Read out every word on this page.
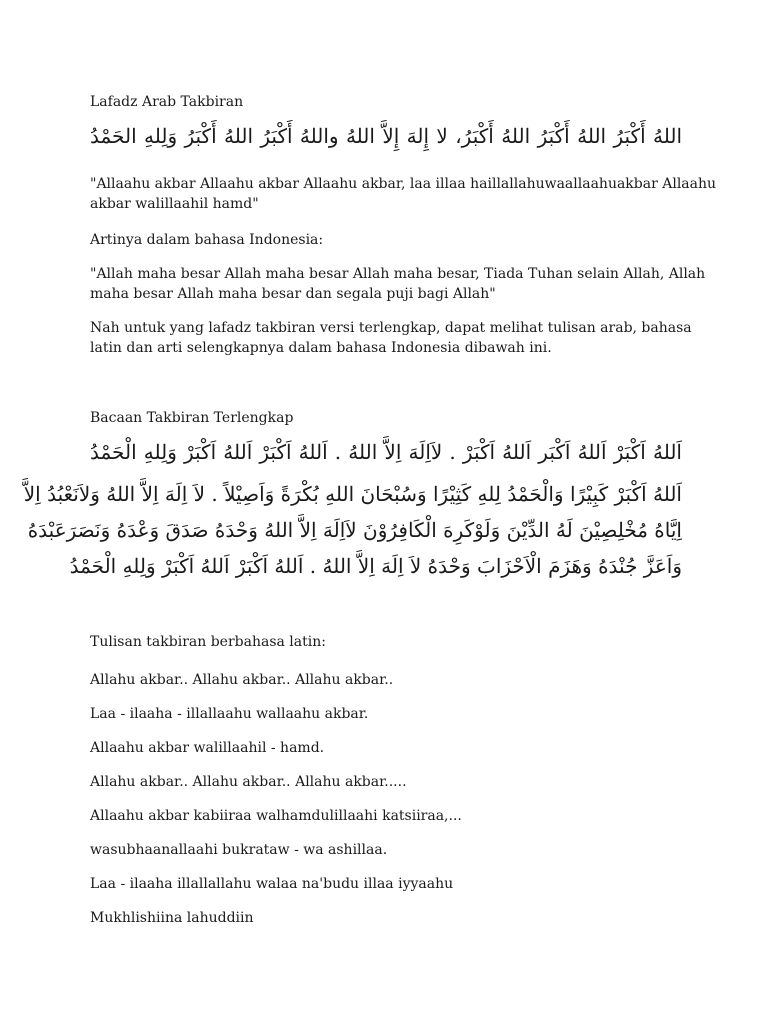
Lafadz Arab Takbiran
اللهُ أَكْبَرُ اللهُ أَكْبَرُ اللهُ أَكْبَرُ، لا إِلهَ إِلاَّ اللهُ واللهُ أَكْبَرُ اللهُ أَكْبَرُ وَلِلهِ الحَمْدُ
"Allaahu akbar Allaahu akbar Allaahu akbar, laa illaa haillallahuwaallaahuakbar Allaahu
akbar walillaahil hamd"
Artinya dalam bahasa Indonesia:
"Allah maha besar Allah maha besar Allah maha besar, Tiada Tuhan selain Allah, Allah
maha besar Allah maha besar dan segala puji bagi Allah"
Nah untuk yang lafadz takbiran versi terlengkap, dapat melihat tulisan arab, bahasa
latin dan arti selengkapnya dalam bahasa Indonesia dibawah ini.
Bacaan Takbiran Terlengkap
اَللهُ اَكْبَرْ اَللهُ اَكْبَر اَللهُ اَكْبَرْ . لاَاِلَهَ اِلاَّ اللهُ . اَللهُ اَكْبَرْ اَللهُ اَكْبَرْ وَلِلهِ الْحَمْدُ
اَللهُ اَكْبَرْ كَبِيْرًا وَالْحَمْدُ لِلهِ كَثِيْرًا وَسُبْحَانَ اللهِ بُكْرَةً وَاَصِيْلاً . لاَ اِلَهَ اِلاَّ اللهُ وَلاَنَعْبُدُ اِلاَّ
اِيَّاهُ مُخْلِصِيْنَ لَهُ الدِّيْنَ وَلَوْكَرِهَ الْكَافِرُوْنَ لاَاِلَهَ اِلاَّ اللهُ وَحْدَهُ صَدَقَ وَعْدَهُ وَنَصَرَعَبْدَهُ
وَاَعَزَّ جُنْدَهُ وَهَزَمَ الْاَحْزَابَ وَحْدَهُ لاَ اِلَهَ اِلاَّ اللهُ . اَللهُ اَكْبَرْ اَللهُ اَكْبَرْ وَلِلهِ الْحَمْدُ
Tulisan takbiran berbahasa latin:
Allahu akbar.. Allahu akbar.. Allahu akbar..
Laa - ilaaha - illallaahu wallaahu akbar.
Allaahu akbar walillaahil - hamd.
Allahu akbar.. Allahu akbar.. Allahu akbar.....
Allaahu akbar kabiiraa walhamdulillaahi katsiiraa,...
wasubhaanallaahi bukrataw - wa ashillaa.
Laa - ilaaha illallallahu walaa na'budu illaa iyyaahu
Mukhlishiina lahuddiin
